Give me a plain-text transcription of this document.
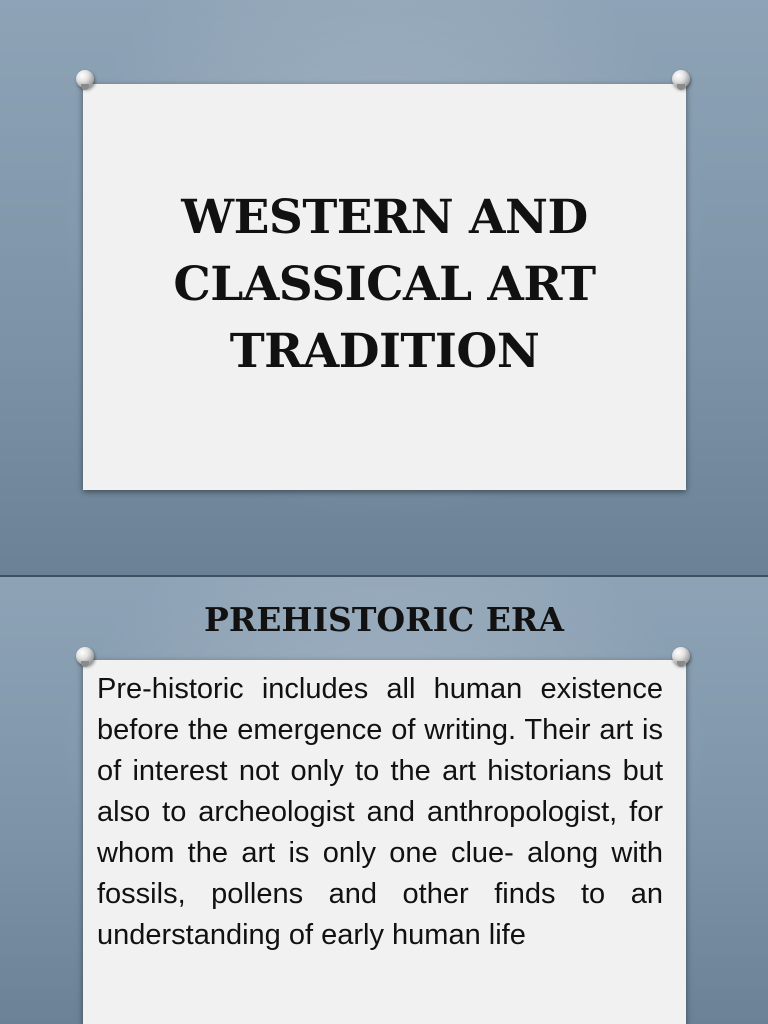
WESTERN AND CLASSICAL ART TRADITION
PREHISTORIC ERA

Pre-historic includes all human existence before the emergence of writing. Their art is of interest not only to the art historians but also to archeologist and anthropologist, for whom the art is only one clue- along with fossils, pollens and other finds to an understanding of early human life
